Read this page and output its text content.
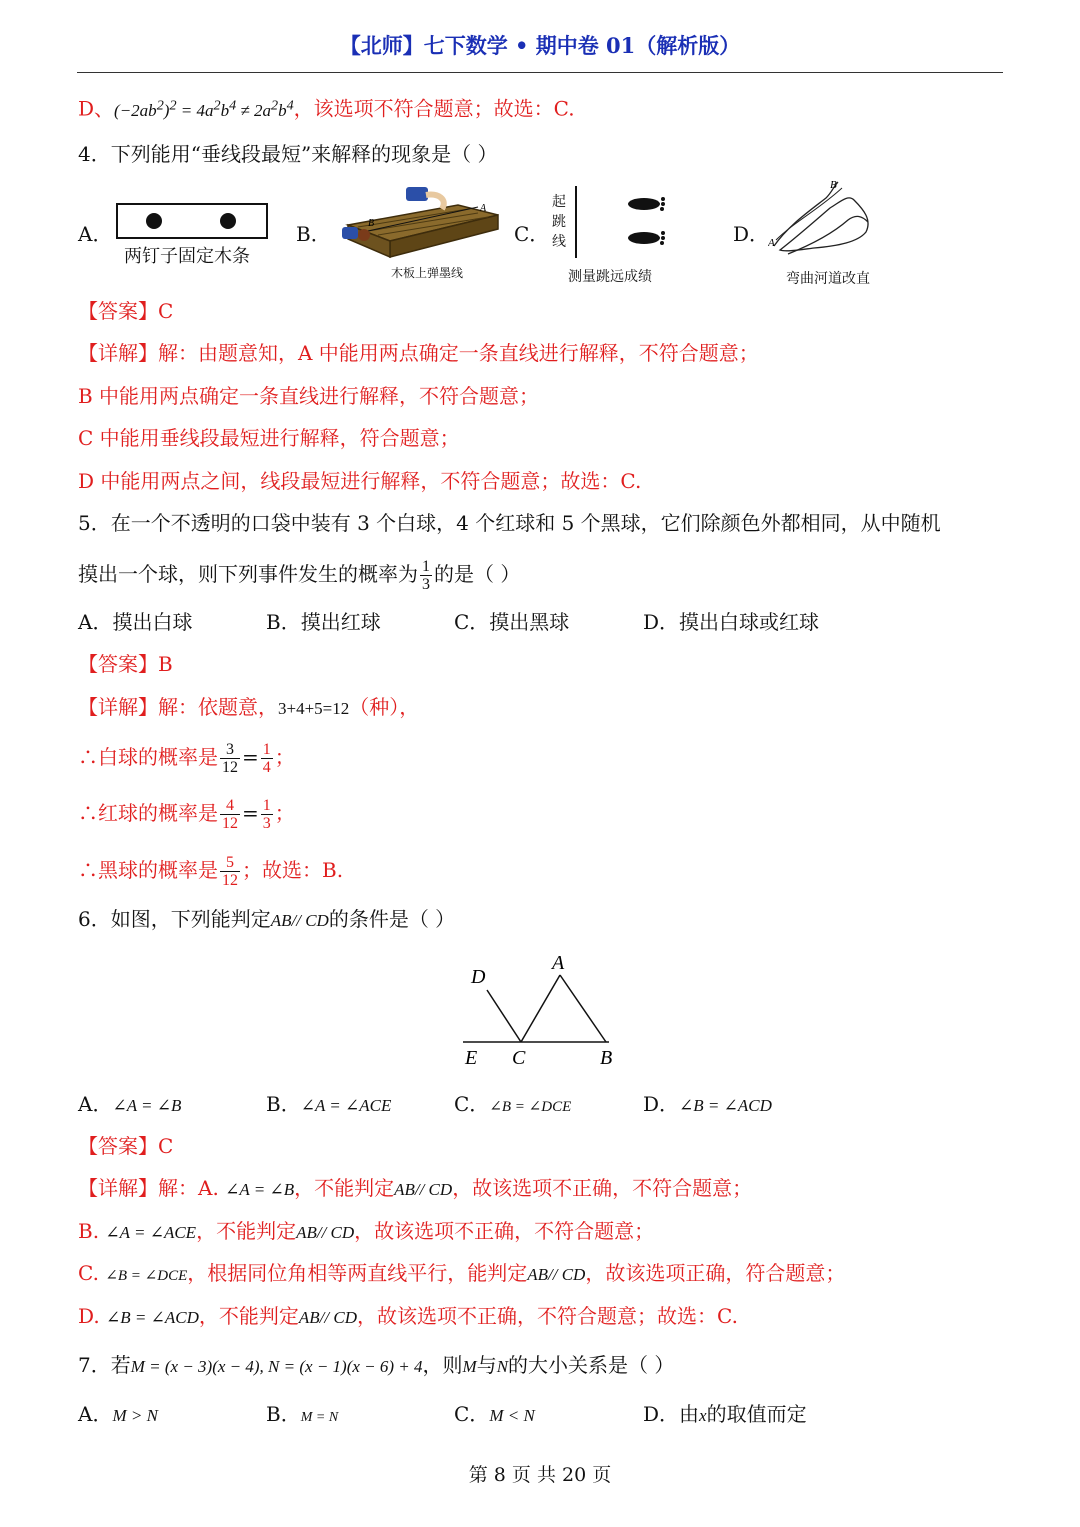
【北师】七下数学 • 期中卷 01（解析版）
D、$(-2ab^2)^2 = 4a^2b^4 \ne 2a^2b^4$，该选项不符合题意；故选：C.
4．下列能用“垂线段最短”来解释的现象是（ ）
A．
两钉子固定木条
B．	B
A
木板上弹墨线
C．
起
跳
线
测量跳远成绩
D．
A
B
弯曲河道改直
【答案】C
【详解】解：由题意知，A 中能用两点确定一条直线进行解释，不符合题意；
B 中能用两点确定一条直线进行解释，不符合题意；
C 中能用垂线段最短进行解释，符合题意；
D 中能用两点之间，线段最短进行解释，不符合题意；故选：C.
5．在一个不透明的口袋中装有 3 个白球，4 个红球和 5 个黑球，它们除颜色外都相同，从中随机
摸出一个球，则下列事件发生的概率为 $\frac{1}{3}$ 的是（ ）
A．摸出白球	B．摸出红球	C．摸出黑球	D．摸出白球或红球
【答案】B
【详解】解：依题意，3+4+5=12（种），
∴白球的概率是 $\frac{3}{12} = \frac{1}{4}$ ；
∴红球的概率是 $\frac{4}{12} = \frac{1}{3}$ ；
∴黑球的概率是 $\frac{5}{12}$ ；故选：B.
6．如图，下列能判定AB// CD的条件是（ ）
D
A
E C	B
A．∠A = ∠B	B．∠A = ∠ACE	C．∠B = ∠DCE	D．∠B = ∠ACD
【答案】C
【详解】解：A. ∠A = ∠B，不能判定AB// CD，故该选项不正确，不符合题意；
B. ∠A = ∠ACE，不能判定AB// CD，故该选项不正确，不符合题意；
C. ∠B = ∠DCE，根据同位角相等两直线平行，能判定AB// CD，故该选项正确，符合题意；
D. ∠B = ∠ACD，不能判定AB// CD，故该选项不正确，不符合题意；故选：C.
7．若M = (x − 3)(x − 4), N = (x − 1)(x − 6) + 4，则M与N的大小关系是（ ）
A．M > N	B．M = N	C．M < N	D．由x的取值而定
第 8 页 共 20 页
